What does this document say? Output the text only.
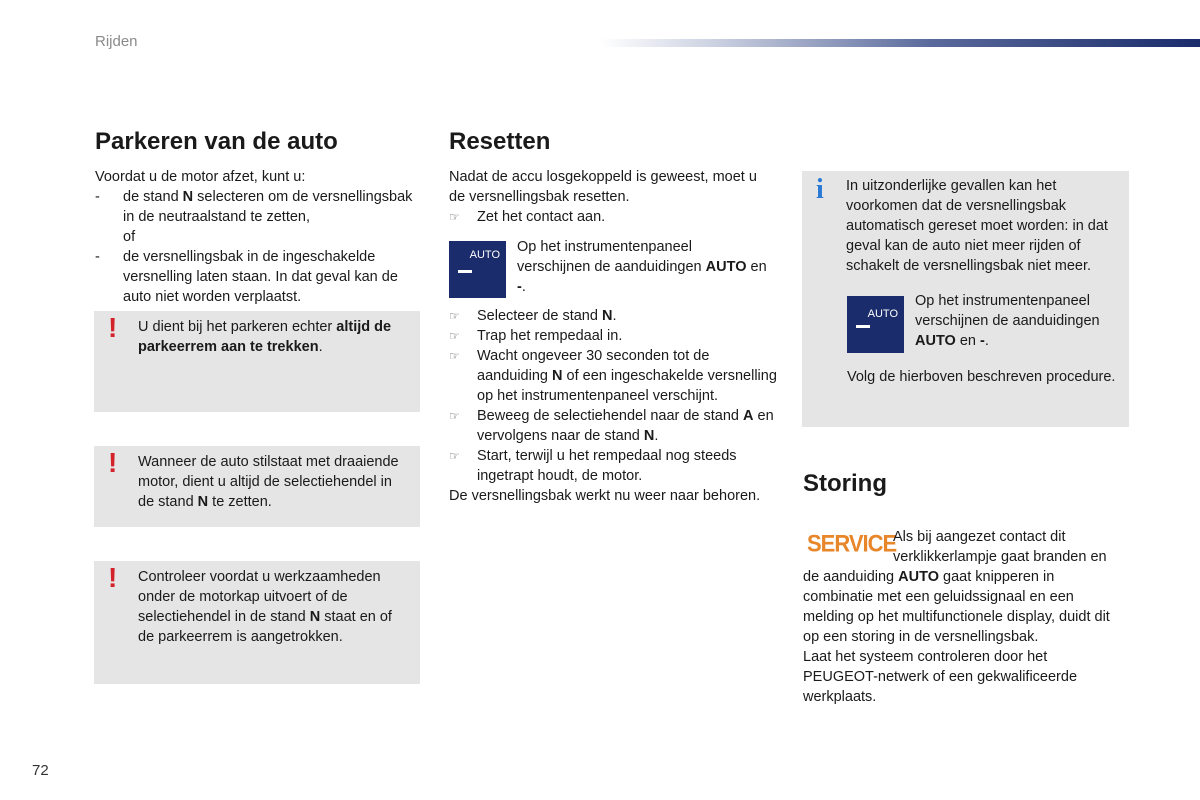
Rijden
Parkeren van de auto

Voordat u de motor afzet, kunt u:

-	de stand N selecteren om de versnellingsbak in de neutraalstand te zetten,
of
-	de versnellingsbak in de ingeschakelde versnelling laten staan. In dat geval kan de auto niet worden verplaatst.
! U dient bij het parkeren echter altijd de parkeerrem aan te trekken.
! Wanneer de auto stilstaat met draaiende motor, dient u altijd de selectiehendel in de stand N te zetten.
! Controleer voordat u werkzaamheden onder de motorkap uitvoert of de selectiehendel in de stand N staat en of de parkeerrem is aangetrokken.
Resetten

Nadat de accu losgekoppeld is geweest, moet u de versnellingsbak resetten.

☞	Zet het contact aan.
AUTO Op het instrumentenpaneel verschijnen de aanduidingen AUTO en -.
☞	Selecteer de stand N.
☞	Trap het rempedaal in.
☞	Wacht ongeveer 30 seconden tot de aanduiding N of een ingeschakelde versnelling op het instrumentenpaneel verschijnt.
☞	Beweeg de selectiehendel naar de stand A en vervolgens naar de stand N.
☞	Start, terwijl u het rempedaal nog steeds ingetrapt houdt, de motor.

De versnellingsbak werkt nu weer naar behoren.

i In uitzonderlijke gevallen kan het voorkomen dat de versnellingsbak automatisch gereset moet worden: in dat geval kan de auto niet meer rijden of schakelt de versnellingsbak niet meer.
AUTO
Op het instrumentenpaneel verschijnen de aanduidingen AUTO en -.
Volg de hierboven beschreven procedure.
Storing
SERVICE
Als bij aangezet contact dit verklikkerlampje gaat branden en de aanduiding AUTO gaat knipperen in combinatie met een geluidssignaal en een melding op het multifunctionele display, duidt dit op een storing in de versnellingsbak.

Laat het systeem controleren door het PEUGEOT-netwerk of een gekwalificeerde werkplaats.

72
